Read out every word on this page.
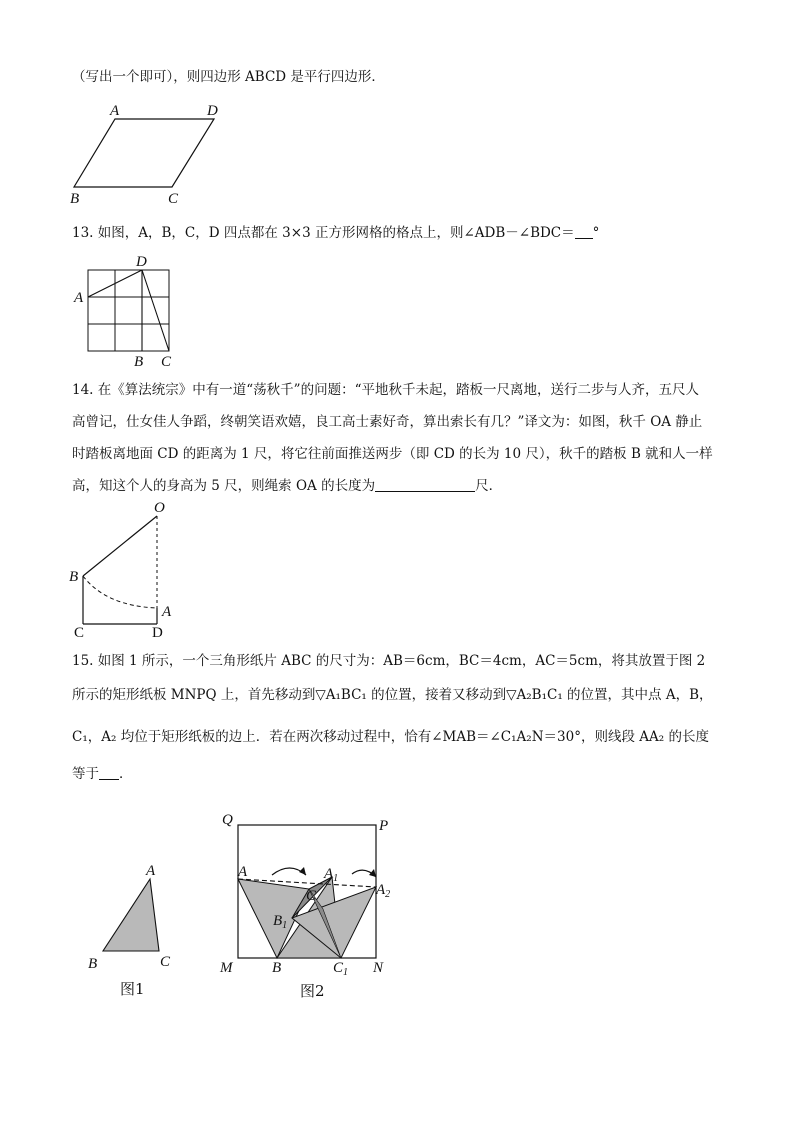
（写出一个即可），则四边形 ABCD 是平行四边形．
A	D
B	C
13. 如图，A，B，C，D 四点都在 3×3 正方形网格的格点上，则∠ADB－∠BDC＝ °
D
A
B C
14. 在《算法统宗》中有一道“荡秋千”的问题：“平地秋千未起，踏板一尺离地，送行二步与人齐，五尺人
高曾记，仕女佳人争蹈，终朝笑语欢嬉，良工高士素好奇，算出索长有几？”译文为：如图，秋千 OA 静止
时踏板离地面 CD 的距离为 1 尺，将它往前面推送两步（即 CD 的长为 10 尺），秋千的踏板 B 就和人一样
高，知这个人的身高为 5 尺，则绳索 OA 的长度为	尺．
O
A
B
C	D
15. 如图 1 所示，一个三角形纸片 ABC 的尺寸为：AB＝6cm，BC＝4cm，AC＝5cm，将其放置于图 2
所示的矩形纸板 MNPQ 上，首先移动到▽A₁BC₁ 的位置，接着又移动到▽A₂B₁C₁ 的位置，其中点 A，B，
C₁，A₂ 均位于矩形纸板的边上．若在两次移动过程中，恰有∠MAB＝∠C₁A₂N＝30°，则线段 AA₂ 的长度
等于 ．
A
B	C
图1
Q	P
M	N
A	$A_1$
$A_2$
B
$B_1$
C
$C_1$
图2
